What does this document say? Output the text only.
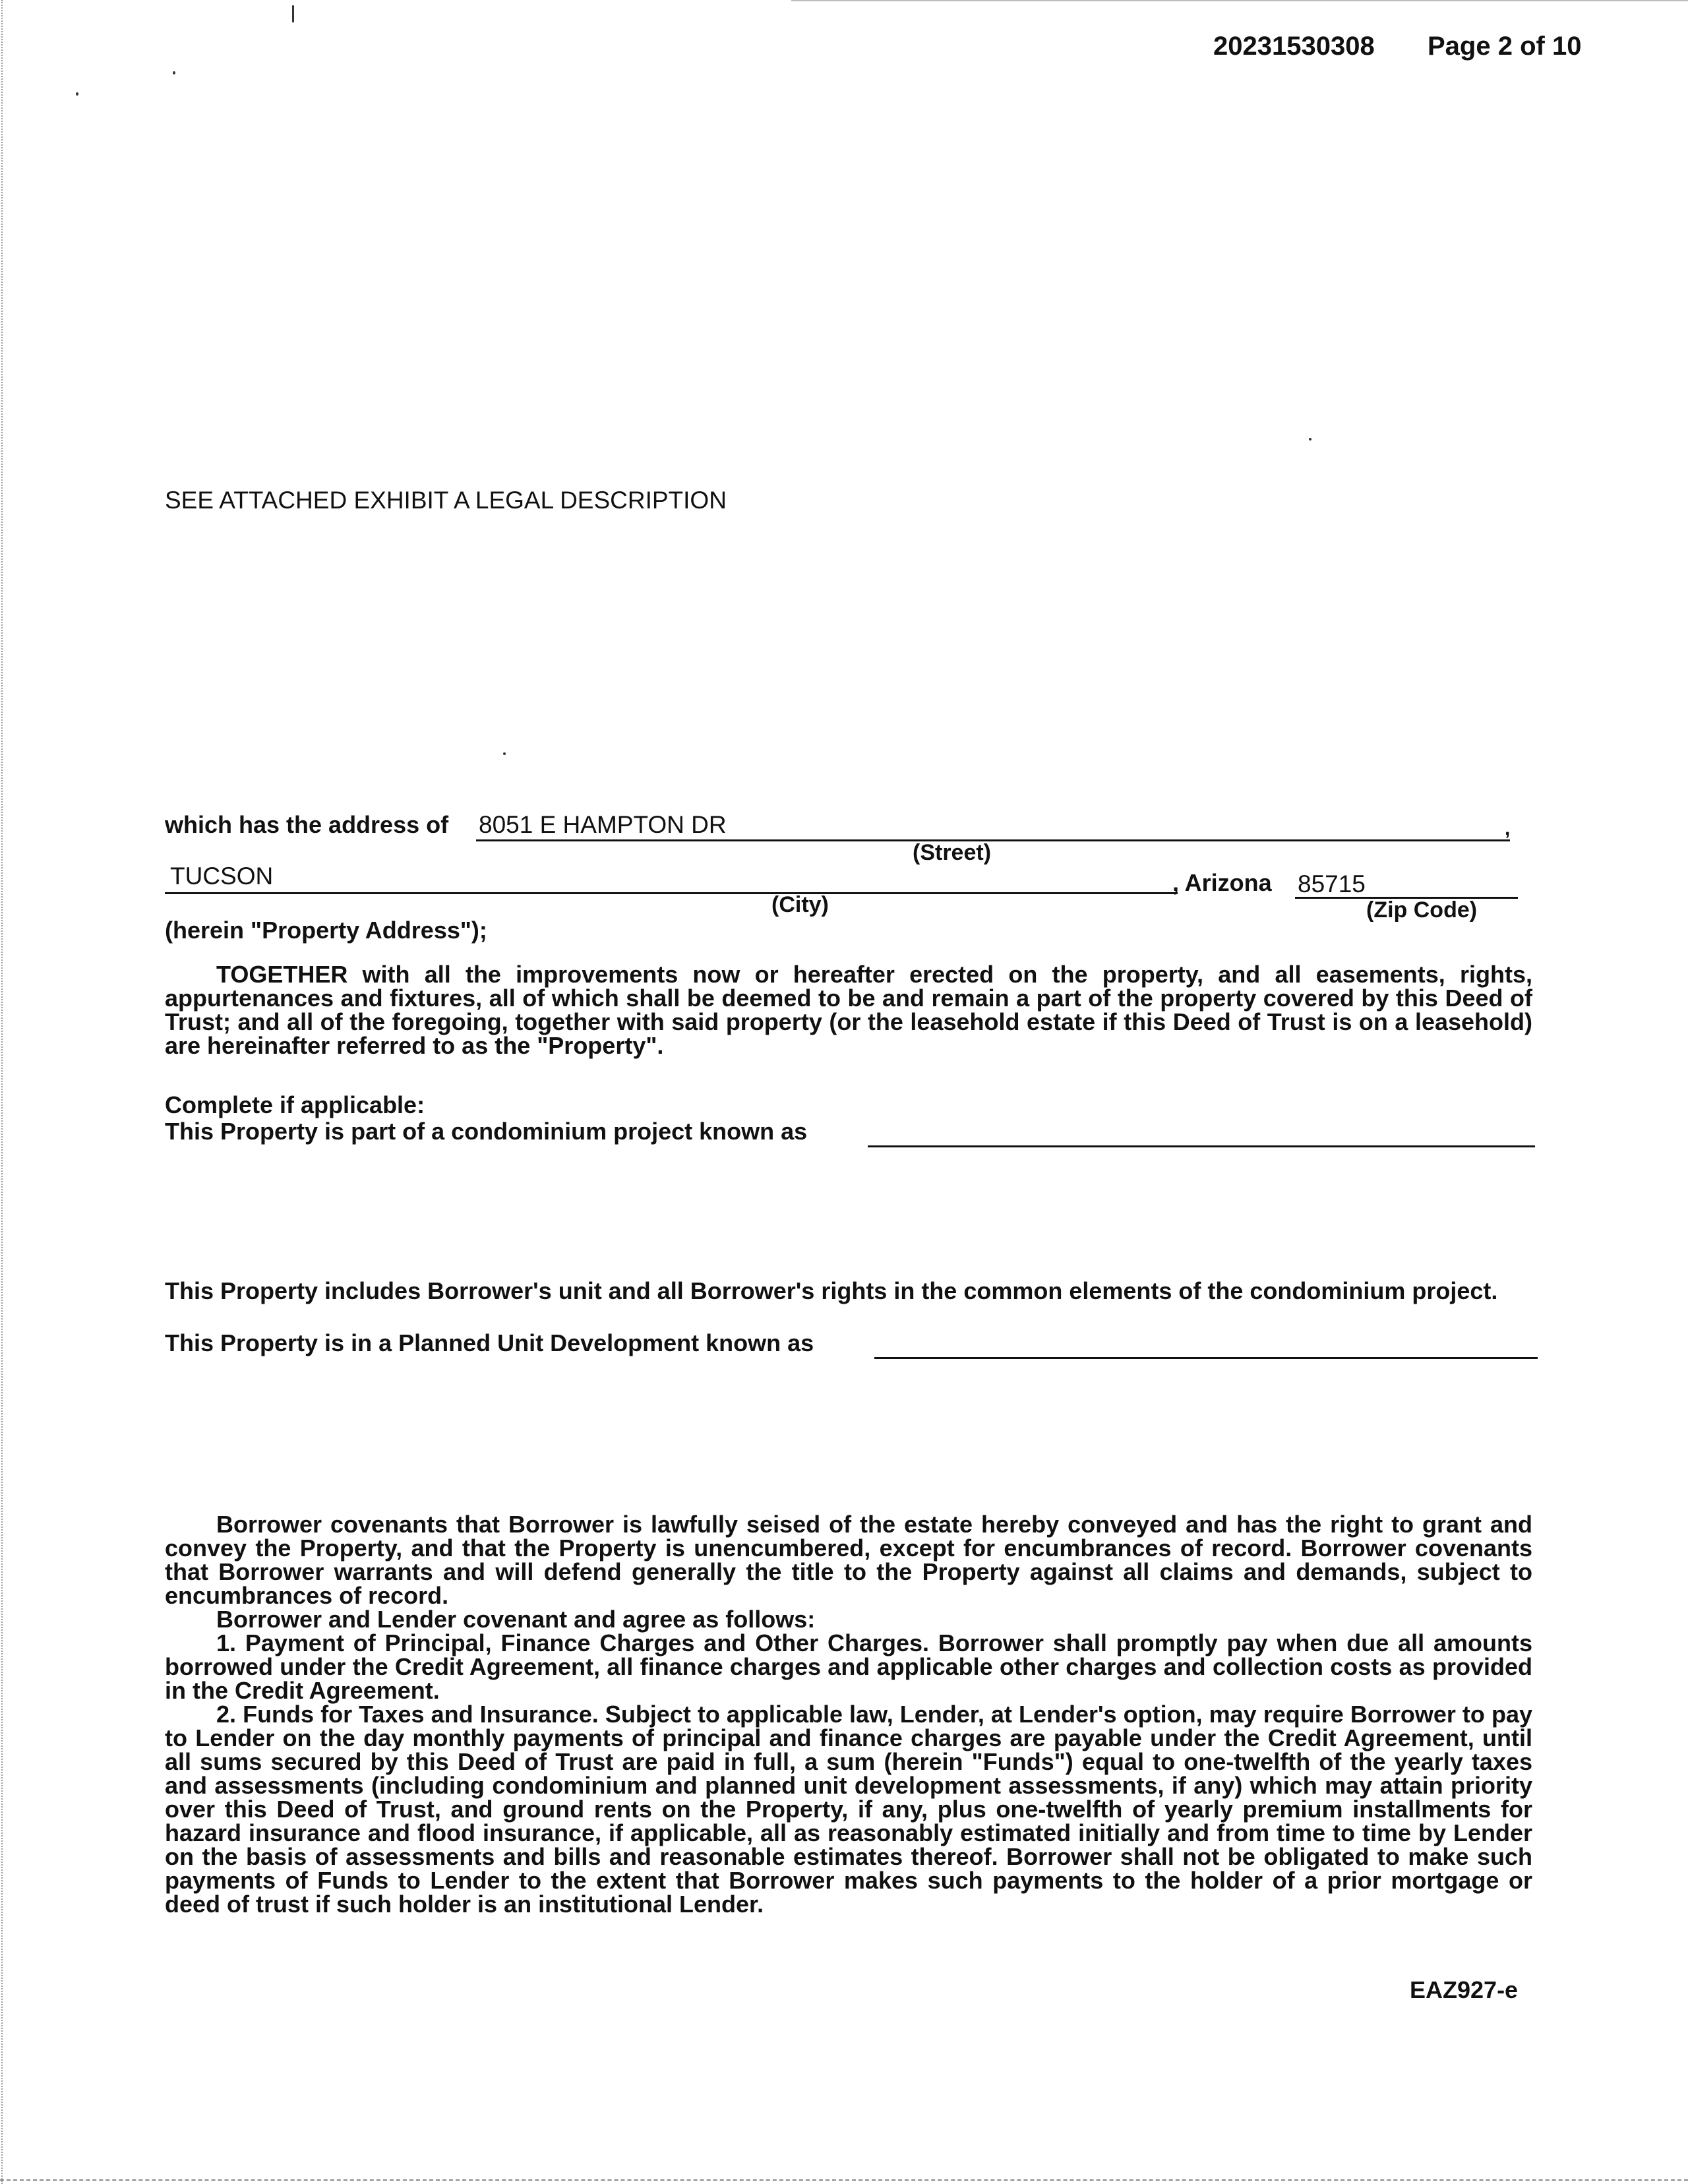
20231530308 Page 2 of 10
SEE ATTACHED EXHIBIT A LEGAL DESCRIPTION
which has the address of 8051 E HAMPTON DR	,
(Street)
TUCSON	, Arizona 85715
(City)	(Zip Code)
(herein "Property Address");
TOGETHER with all the improvements now or hereafter erected on the property, and all easements, rights, appurtenances and fixtures, all of which shall be deemed to be and remain a part of the property covered by this Deed of Trust; and all of the foregoing, together with said property (or the leasehold estate if this Deed of Trust is on a leasehold) are hereinafter referred to as the "Property".
Complete if applicable:
This Property is part of a condominium project known as
This Property includes Borrower's unit and all Borrower's rights in the common elements of the condominium project.
This Property is in a Planned Unit Development known as
Borrower covenants that Borrower is lawfully seised of the estate hereby conveyed and has the right to grant and convey the Property, and that the Property is unencumbered, except for encumbrances of record. Borrower covenants that Borrower warrants and will defend generally the title to the Property against all claims and demands, subject to encumbrances of record.
Borrower and Lender covenant and agree as follows:
1. Payment of Principal, Finance Charges and Other Charges. Borrower shall promptly pay when due all amounts borrowed under the Credit Agreement, all finance charges and applicable other charges and collection costs as provided in the Credit Agreement.
2. Funds for Taxes and Insurance. Subject to applicable law, Lender, at Lender's option, may require Borrower to pay to Lender on the day monthly payments of principal and finance charges are payable under the Credit Agreement, until all sums secured by this Deed of Trust are paid in full, a sum (herein "Funds") equal to one-twelfth of the yearly taxes and assessments (including condominium and planned unit development assessments, if any) which may attain priority over this Deed of Trust, and ground rents on the Property, if any, plus one-twelfth of yearly premium installments for hazard insurance and flood insurance, if applicable, all as reasonably estimated initially and from time to time by Lender on the basis of assessments and bills and reasonable estimates thereof. Borrower shall not be obligated to make such payments of Funds to Lender to the extent that Borrower makes such payments to the holder of a prior mortgage or deed of trust if such holder is an institutional Lender.
EAZ927-e
